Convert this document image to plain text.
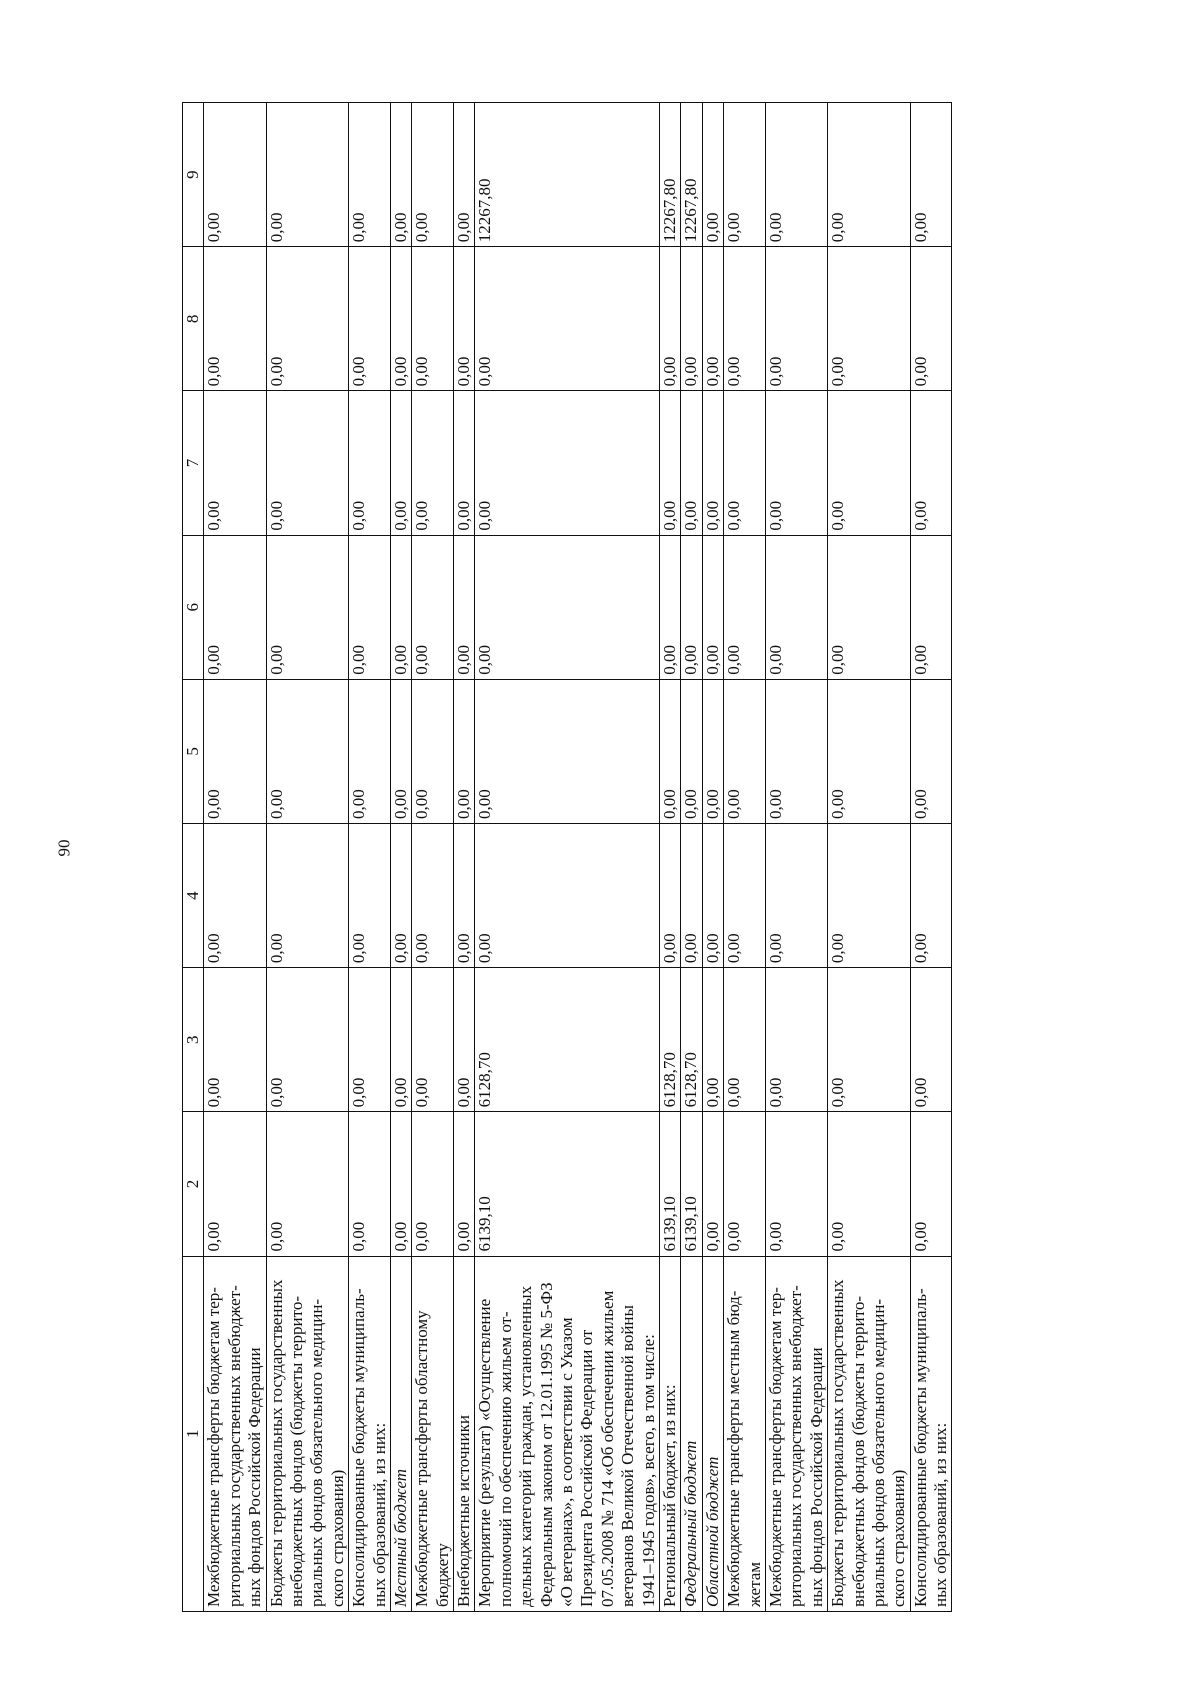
90
1	2	3	4	5	6	7	8	9
Межбюджетные трансферты бюджетам тер-риториальных государственных внебюджет-ных фондов Российской Федерации	0,00	0,00	0,00	0,00	0,00	0,00	0,00	0,00
Бюджеты территориальных государственных внебюджетных фондов (бюджеты террито-риальных фондов обязательного медицин-ского страхования)	0,00	0,00	0,00	0,00	0,00	0,00	0,00	0,00
Консолидированные бюджеты муниципаль-ных образований, из них:	0,00	0,00	0,00	0,00	0,00	0,00	0,00	0,00
Местный бюджет	0,00	0,00	0,00	0,00	0,00	0,00	0,00	0,00
Межбюджетные трансферты областному бюджету	0,00	0,00	0,00	0,00	0,00	0,00	0,00	0,00
Внебюджетные источники	0,00	0,00	0,00	0,00	0,00	0,00	0,00	0,00
Мероприятие (результат) «Осуществление полномочий по обеспечению жильем от-дельных категорий граждан, установленных Федеральным законом от 12.01.1995 № 5-ФЗ «О ветеранах», в соответствии с Указом Президента Российской Федерации от 07.05.2008 № 714 «Об обеспечении жильем ветеранов Великой Отечественной войны 1941–1945 годов», всего, в том числе:	6139,10	6128,70	0,00	0,00	0,00	0,00	0,00	12267,80
Региональный бюджет, из них:	6139,10	6128,70	0,00	0,00	0,00	0,00	0,00	12267,80
Федеральный бюджет	6139,10	6128,70	0,00	0,00	0,00	0,00	0,00	12267,80
Областной бюджет	0,00	0,00	0,00	0,00	0,00	0,00	0,00	0,00
Межбюджетные трансферты местным бюд-жетам	0,00	0,00	0,00	0,00	0,00	0,00	0,00	0,00
Межбюджетные трансферты бюджетам тер-риториальных государственных внебюджет-ных фондов Российской Федерации	0,00	0,00	0,00	0,00	0,00	0,00	0,00	0,00
Бюджеты территориальных государственных внебюджетных фондов (бюджеты террито-риальных фондов обязательного медицин-ского страхования)	0,00	0,00	0,00	0,00	0,00	0,00	0,00	0,00
Консолидированные бюджеты муниципаль-ных образований, из них:	0,00	0,00	0,00	0,00	0,00	0,00	0,00	0,00
